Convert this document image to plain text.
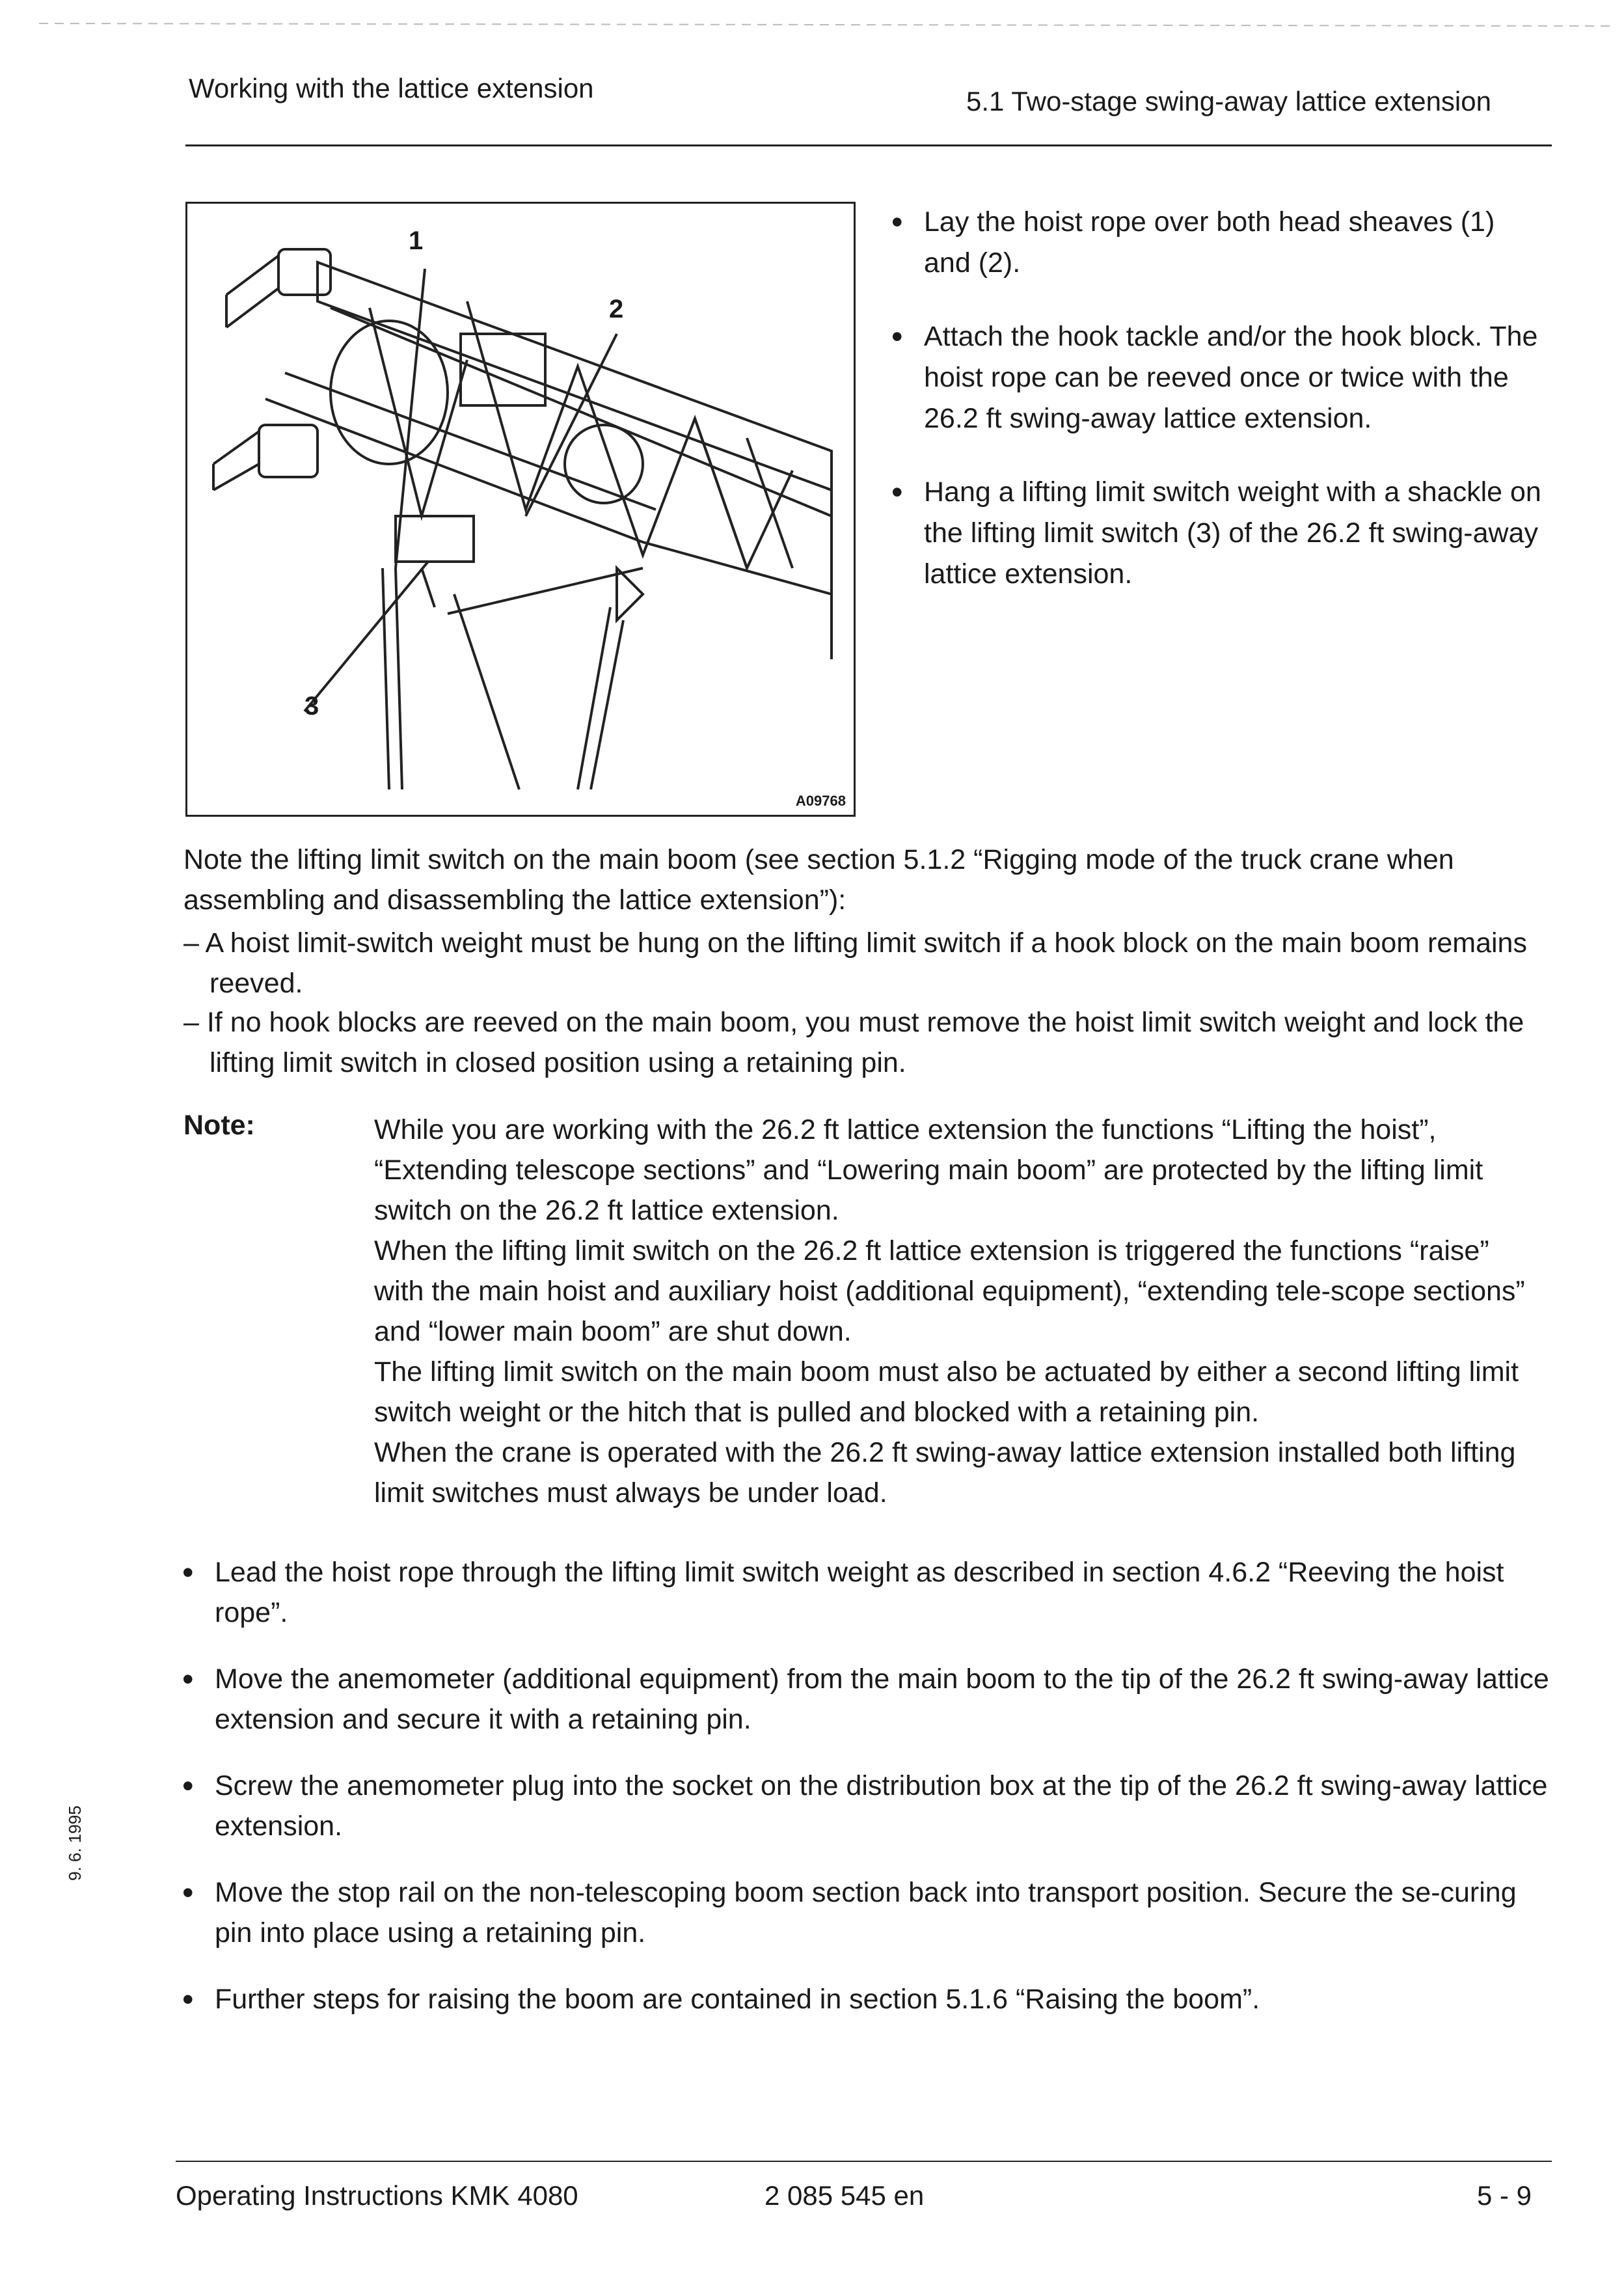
Working with the lattice extension	5.1 Two-stage swing-away lattice extension
1
2
3
A09768
• Lay the hoist rope over both head sheaves (1) and (2).
• Attach the hook tackle and/or the hook block. The hoist rope can be reeved once or twice with the 26.2 ft swing-away lattice extension.
• Hang a lifting limit switch weight with a shackle on the lifting limit switch (3) of the 26.2 ft swing-away lattice extension.
Note the lifting limit switch on the main boom (see section 5.1.2 “Rigging mode of the truck crane when assembling and disassembling the lattice extension”):
– A hoist limit-switch weight must be hung on the lifting limit switch if a hook block on the main boom remains reeved.
– If no hook blocks are reeved on the main boom, you must remove the hoist limit switch weight and lock the lifting limit switch in closed position using a retaining pin.
Note:	While you are working with the 26.2 ft lattice extension the functions “Lifting the hoist”, “Extending telescope sections” and “Lowering main boom” are protected by the lifting limit switch on the 26.2 ft lattice extension.

When the lifting limit switch on the 26.2 ft lattice extension is triggered the functions “raise” with the main hoist and auxiliary hoist (additional equipment), “extending tele-scope sections” and “lower main boom” are shut down.

The lifting limit switch on the main boom must also be actuated by either a second lifting limit switch weight or the hitch that is pulled and blocked with a retaining pin.

When the crane is operated with the 26.2 ft swing-away lattice extension installed both lifting limit switches must always be under load.

• Lead the hoist rope through the lifting limit switch weight as described in section 4.6.2 “Reeving the hoist rope”.
• Move the anemometer (additional equipment) from the main boom to the tip of the 26.2 ft swing-away lattice extension and secure it with a retaining pin.
• Screw the anemometer plug into the socket on the distribution box at the tip of the 26.2 ft swing-away lattice extension.
• Move the stop rail on the non-telescoping boom section back into transport position. Secure the se-curing pin into place using a retaining pin.
• Further steps for raising the boom are contained in section 5.1.6 “Raising the boom”.
9. 6. 1995
Operating Instructions KMK 4080	2 085 545 en	5 - 9
